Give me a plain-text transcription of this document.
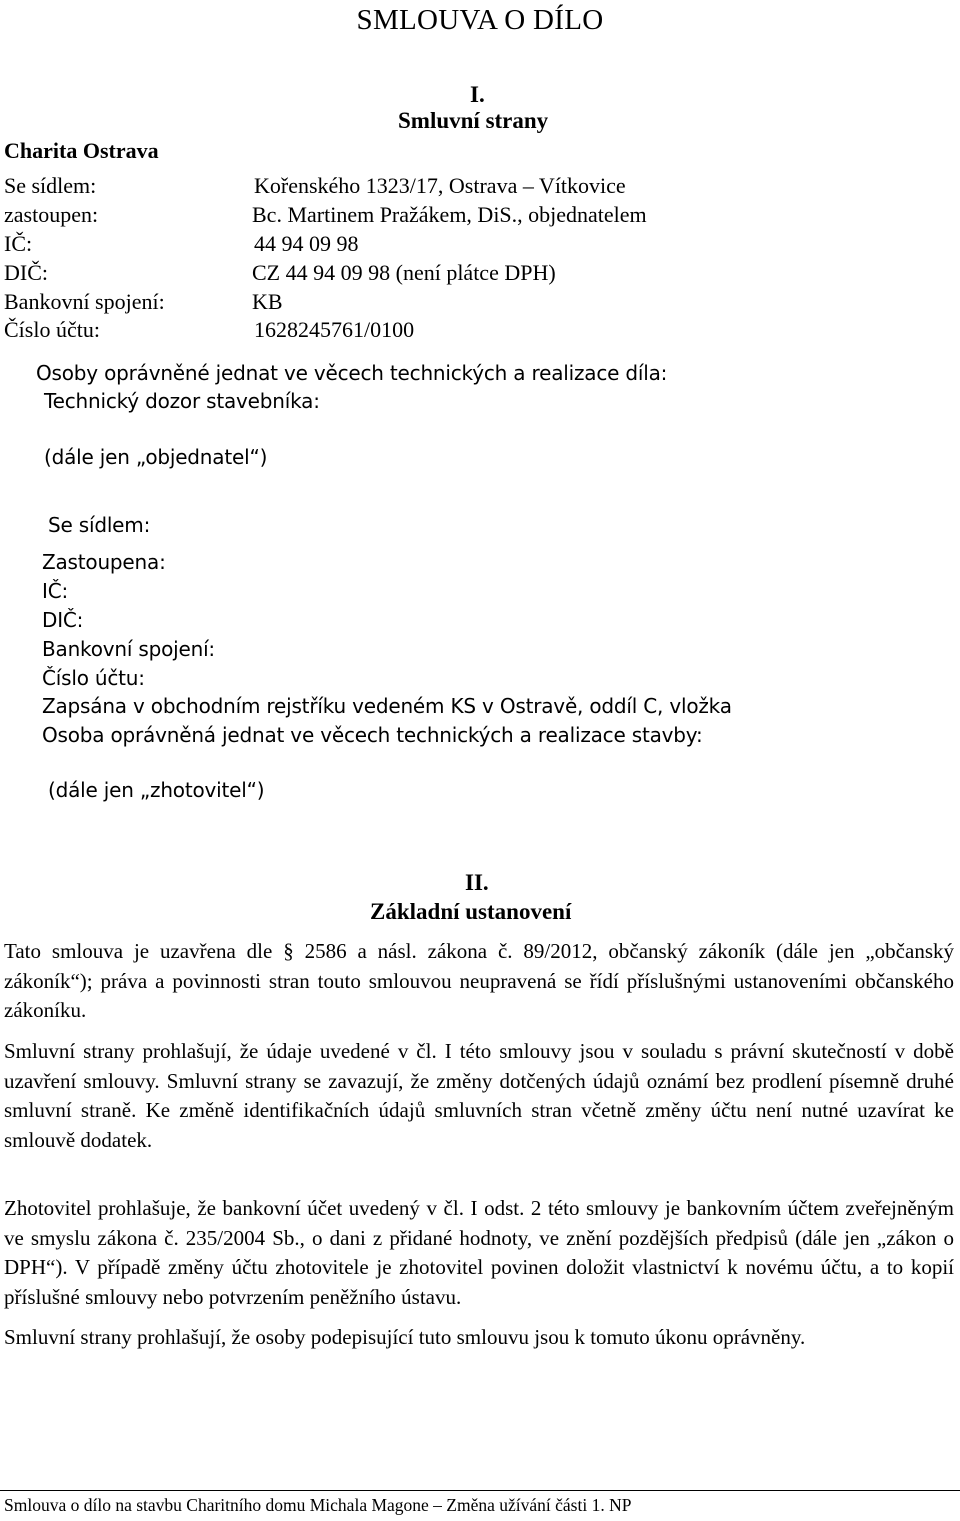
SMLOUVA O DÍLO
I.
Smluvní strany
Charita Ostrava
Se sídlem:	Kořenského 1323/17, Ostrava – Vítkovice
zastoupen:	Bc. Martinem Pražákem, DiS., objednatelem
IČ:	44 94 09 98
DIČ:	CZ 44 94 09 98 (není plátce DPH)
Bankovní spojení:	KB
Číslo účtu:	1628245761/0100
Osoby oprávněné jednat ve věcech technických a realizace díla:
Technický dozor stavebníka:
(dále jen „objednatel“)
Se sídlem:
Zastoupena:
IČ:
DIČ:
Bankovní spojení:
Číslo účtu:
Zapsána v obchodním rejstříku vedeném KS v Ostravě, oddíl C, vložka
Osoba oprávněná jednat ve věcech technických a realizace stavby:
(dále jen „zhotovitel“)
II.
Základní ustanovení
Tato smlouva je uzavřena dle § 2586 a násl. zákona č. 89/2012, občanský zákoník (dále jen „občanský zákoník“); práva a povinnosti stran touto smlouvou neupravená se řídí příslušnými ustanoveními občanského zákoníku.
Smluvní strany prohlašují, že údaje uvedené v čl. I této smlouvy jsou v souladu s právní skutečností v době uzavření smlouvy. Smluvní strany se zavazují, že změny dotčených údajů oznámí bez prodlení písemně druhé smluvní straně. Ke změně identifikačních údajů smluvních stran včetně změny účtu není nutné uzavírat ke smlouvě dodatek.
Zhotovitel prohlašuje, že bankovní účet uvedený v čl. I odst. 2 této smlouvy je bankovním účtem zveřejněným ve smyslu zákona č. 235/2004 Sb., o dani z přidané hodnoty, ve znění pozdějších předpisů (dále jen „zákon o DPH“). V případě změny účtu zhotovitele je zhotovitel povinen doložit vlastnictví k novému účtu, a to kopií příslušné smlouvy nebo potvrzením peněžního ústavu.
Smluvní strany prohlašují, že osoby podepisující tuto smlouvu jsou k tomuto úkonu oprávněny.
Smlouva o dílo na stavbu Charitního domu Michala Magone – Změna užívání části 1. NP
